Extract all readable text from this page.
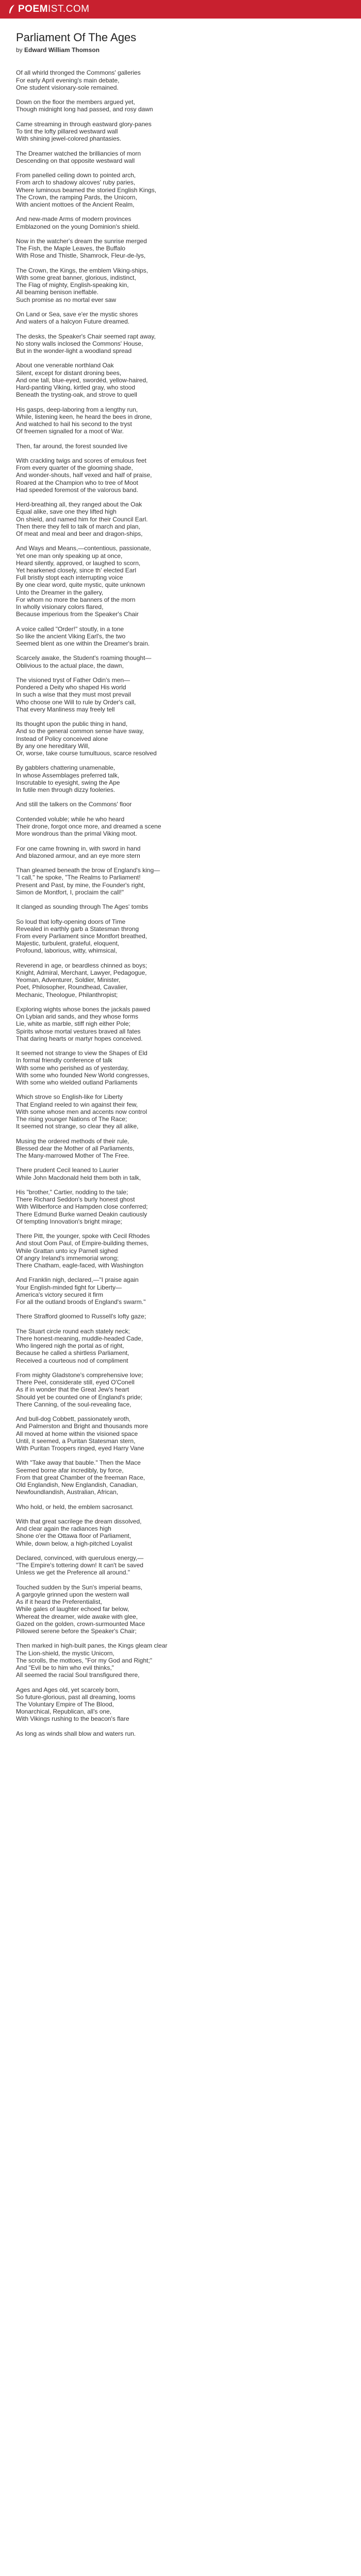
POEMIST.COM
Parliament Of The Ages
by Edward William Thomson
Of all whirld thronged the Commons' galleries
For early April evening's main debate,
One student visionary-sole remained.
Down on the floor the members argued yet,
Though midnight long had passed, and rosy dawn
Came streaming in through eastward glory-panes
To tint the lofty pillared westward wall
With shining jewel-colored phantasies.
The Dreamer watched the brilliancies of morn
Descending on that opposite westward wall
From panelled ceiling down to pointed arch,
From arch to shadowy alcoves' ruby paries,
Where luminous beamed the storied English Kings,
The Crown, the ramping Pards, the Unicorn,
With ancient mottoes of the Ancient Realm,
And new-made Arms of modern provinces
Emblazoned on the young Dominion's shield.
Now in the watcher's dream the sunrise merged
The Fish, the Maple Leaves, the Buffalo
With Rose and Thistle, Shamrock, Fleur-de-lys,
The Crown, the Kings, the emblem Viking-ships,
With some great banner, glorious, indistinct,
The Flag of mighty, English-speaking kin,
All beaming benison ineffable.
Such promise as no mortal ever saw
On Land or Sea, save e'er the mystic shores
And waters of a halcyon Future dreamed.
The desks, the Speaker's Chair seemed rapt away,
No stony walls inclosed the Commons' House,
But in the wonder-light a woodland spread
About one venerable northland Oak
Silent, except for distant droning bees,
And one tall, blue-eyed, swordéd, yellow-haired,
Hard-panting Viking, kirtled gray, who stood
Beneath the trysting-oak, and strove to quell
His gasps, deep-laboring from a lengthy run,
While, listening keen, he heard the bees in drone,
And watched to hail his second to the tryst
Of freemen signalled for a moot of War.
Then, far around, the forest sounded live
With crackling twigs and scores of emulous feet
From every quarter of the glooming shade,
And wonder-shouts, half vexed and half of praise,
Roared at the Champion who to tree of Moot
Had speeded foremost of the valorous band.
Herd-breathing all, they ranged about the Oak
Equal alike, save one they lifted high
On shield, and named him for their Council Earl.
Then there they fell to talk of march and plan,
Of meat and meal and beer and dragon-ships,
And Ways and Means,—contentious, passionate,
Yet one man only speaking up at once,
Heard silently, approved, or laughed to scorn,
Yet hearkened closely, since th' elected Earl
Full bristly stopt each interrupting voice
By one clear word, quite mystic, quite unknown
Unto the Dreamer in the gallery,
For whom no more the banners of the morn
In wholly visionary colors flared,
Because imperious from the Speaker's Chair
A voice called "Order!" stoutly, in a tone
So like the ancient Viking Earl's, the two
Seemed blent as one within the Dreamer's brain.
Scarcely awake, the Student's roaming thought—
Oblivious to the actual place, the dawn,
The visioned tryst of Father Odin's men—
Pondered a Deity who shaped His world
In such a wise that they must most prevail
Who choose one Will to rule by Order's call,
That every Manliness may freely tell
Its thought upon the public thing in hand,
And so the general common sense have sway,
Instead of Policy conceived alone
By any one hereditary Will,
Or, worse, take course tumultuous, scarce resolved
By gabblers chattering unamenable,
In whose Assemblages preferred talk,
Inscrutable to eyesight, swing the Ape
In futile men through dizzy fooleries.
And still the talkers on the Commons' floor
Contended voluble; while he who heard
Their drone, forgot once more, and dreamed a scene
More wondrous than the primal Viking moot.
For one came frowning in, with sword in hand
And blazoned armour, and an eye more stern
Than gleamed beneath the brow of England's king—
"I call," he spoke, "The Realms to Parliament!
Present and Past, by mine, the Founder's right,
Simon de Montfort, I, proclaim the call!"
It clanged as sounding through The Ages' tombs
So loud that lofty-opening doors of Time
Revealed in earthly garb a Statesman throng
From every Parliament since Montfort breathed,
Majestic, turbulent, grateful, eloquent,
Profound, laborious, witty, whimsical,
Reverend in age, or beardless chinned as boys;
Knight, Admiral, Merchant, Lawyer, Pedagogue,
Yeoman, Adventurer, Soldier, Minister,
Poet, Philosopher, Roundhead, Cavalier,
Mechanic, Theologue, Philanthropist;
Exploring wights whose bones the jackals pawed
On Lybian arid sands, and they whose forms
Lie, white as marble, stiff nigh either Pole;
Spirits whose mortal vestures braved all fates
That daring hearts or martyr hopes conceived.
It seemed not strange to view the Shapes of Eld
In formal friendly conference of talk
With some who perished as of yesterday,
With some who founded New World congresses,
With some who wielded outland Parliaments
Which strove so English-like for Liberty
That England reeled to win against their few,
With some whose men and accents now control
The rising younger Nations of The Race;
It seemed not strange, so clear they all alike,
Musing the ordered methods of their rule,
Blessed dear the Mother of all Parliaments,
The Many-marrowed Mother of The Free.
There prudent Cecil leaned to Laurier
While John Macdonald held them both in talk,
His "brother," Cartier, nodding to the tale;
There Richard Seddon's burly honest ghost
With Wilberforce and Hampden close conferred;
There Edmund Burke warned Deakin cautiously
Of tempting Innovation's bright mirage;
There Pitt, the younger, spoke with Cecil Rhodes
And stout Oom Paul, of Empire-building themes,
While Grattan unto icy Parnell sighed
Of angry Ireland's immemorial wrong;
There Chatham, eagle-faced, with Washington
And Franklin nigh, declared,—"I praise again
Your English-minded fight for Liberty—
America's victory secured it firm
For all the outland broods of England's swarm."
There Strafford gloomed to Russell's lofty gaze;
The Stuart circle round each stately neck;
There honest-meaning, muddle-headed Cade,
Who lingered nigh the portal as of right,
Because he called a shirtless Parliament,
Received a courteous nod of compliment
From mighty Gladstone's comprehensive love;
There Peel, considerate still, eyed O'Conell
As if in wonder that the Great Jew's heart
Should yet be counted one of England's pride;
There Canning, of the soul-revealing face,
And bull-dog Cobbett, passionately wroth,
And Palmerston and Bright and thousands more
All moved at home within the visioned space
Until, it seemed, a Puritan Statesman stern,
With Puritan Troopers ringed, eyed Harry Vane
With "Take away that bauble." Then the Mace
Seemed borne afar incredibly, by force,
From that great Chamber of the freeman Race,
Old Englandish, New Englandish, Canadian,
Newfoundlandish, Australian, African,
Who hold, or held, the emblem sacrosanct.
With that great sacrilege the dream dissolved,
And clear again the radiances high
Shone o'er the Ottawa floor of Parliament,
While, down below, a high-pitched Loyalist
Declared, convinced, with querulous energy,—
"The Empire's tottering down! It can't be saved
Unless we get the Preference all around."
Touched sudden by the Sun's imperial beams,
A gargoyle grinned upon the western wall
As if it heard the Preferentialist,
While gales of laughter echoed far below,
Whereat the dreamer, wide awake with glee,
Gazed on the golden, crown-surmounted Mace
Pillowed serene before the Speaker's Chair;
Then marked in high-built panes, the Kings gleam clear
The Lion-shield, the mystic Unicorn,
The scrolls, the mottoes, "For my God and Right;"
And "Evil be to him who evil thinks,"
All seemed the racial Soul transfigured there,
Ages and Ages old, yet scarcely born,
So future-glorious, past all dreaming, looms
The Voluntary Empire of The Blood,
Monarchical, Republican, all's one,
With Vikings rushing to the beacon's flare
As long as winds shall blow and waters run.
